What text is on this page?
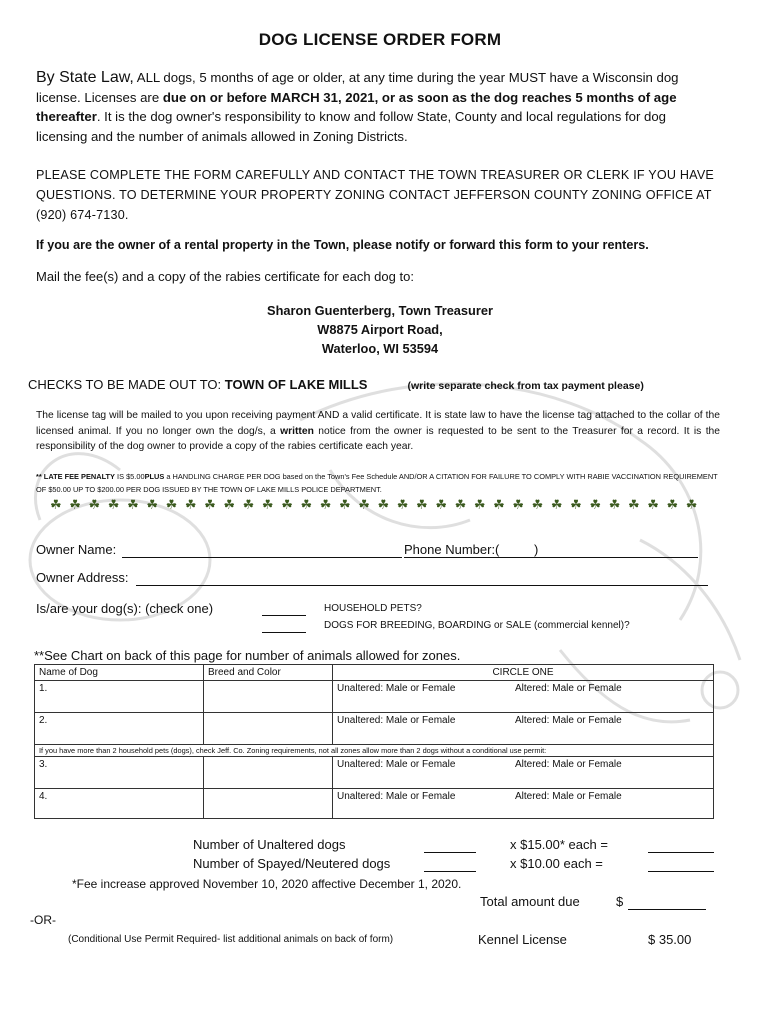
DOG LICENSE ORDER FORM
By State Law, ALL dogs, 5 months of age or older, at any time during the year MUST have a Wisconsin dog license. Licenses are due on or before MARCH 31, 2021, or as soon as the dog reaches 5 months of age thereafter. It is the dog owner's responsibility to know and follow State, County and local regulations for dog licensing and the number of animals allowed in Zoning Districts.
PLEASE COMPLETE THE FORM CAREFULLY AND CONTACT THE TOWN TREASURER OR CLERK IF YOU HAVE QUESTIONS. TO DETERMINE YOUR PROPERTY ZONING CONTACT JEFFERSON COUNTY ZONING OFFICE AT (920) 674-7130.
If you are the owner of a rental property in the Town, please notify or forward this form to your renters.
Mail the fee(s) and a copy of the rabies certificate for each dog to:
Sharon Guenterberg, Town Treasurer
W8875 Airport Road,
Waterloo, WI 53594
CHECKS TO BE MADE OUT TO: TOWN OF LAKE MILLS	(write separate check from tax payment please)
The license tag will be mailed to you upon receiving payment AND a valid certificate. It is state law to have the license tag attached to the collar of the licensed animal. If you no longer own the dog/s, a written notice from the owner is requested to be sent to the Treasurer for a record. It is the responsibility of the dog owner to provide a copy of the rabies certificate each year.
** LATE FEE PENALTY IS $5.00PLUS a HANDLING CHARGE PER DOG based on the Town's Fee Schedule AND/OR A CITATION FOR FAILURE TO COMPLY WITH RABIE VACCINATION REQUIREMENT OF $50.00 UP TO $200.00 PER DOG ISSUED BY THE TOWN OF LAKE MILLS POLICE DEPARTMENT.
☘ ☘ ☘ ☘ ☘ ☘ ☘ ☘ ☘ ☘ ☘ ☘ ☘ ☘ ☘ ☘ ☘ ☘ ☘ ☘ ☘ ☘ ☘ ☘ ☘ ☘ ☘ ☘ ☘ ☘ ☘ ☘ ☘ ☘
Owner Name:	Phone Number:(	)
Owner Address:
Is/are your dog(s): (check one)	HOUSEHOLD PETS?
DOGS FOR BREEDING, BOARDING or SALE (commercial kennel)?
**See Chart on back of this page for number of animals allowed for zones.
Name of Dog	Breed and Color	CIRCLE ONE	
1.		Unaltered: Male or Female	Altered: Male or Female
2.		Unaltered: Male or Female	Altered: Male or Female
If you have more than 2 household pets (dogs), check Jeff. Co. Zoning requirements, not all zones allow more than 2 dogs without a conditional use permit:			
3.		Unaltered: Male or Female	Altered: Male or Female
4.		Unaltered: Male or Female	Altered: Male or Female
Number of Unaltered dogs	x $15.00* each =
Number of Spayed/Neutered dogs	x $10.00 each =
*Fee increase approved November 10, 2020 affective December 1, 2020.
Total amount due	$
-OR-
(Conditional Use Permit Required- list additional animals on back of form)	Kennel License	$ 35.00
